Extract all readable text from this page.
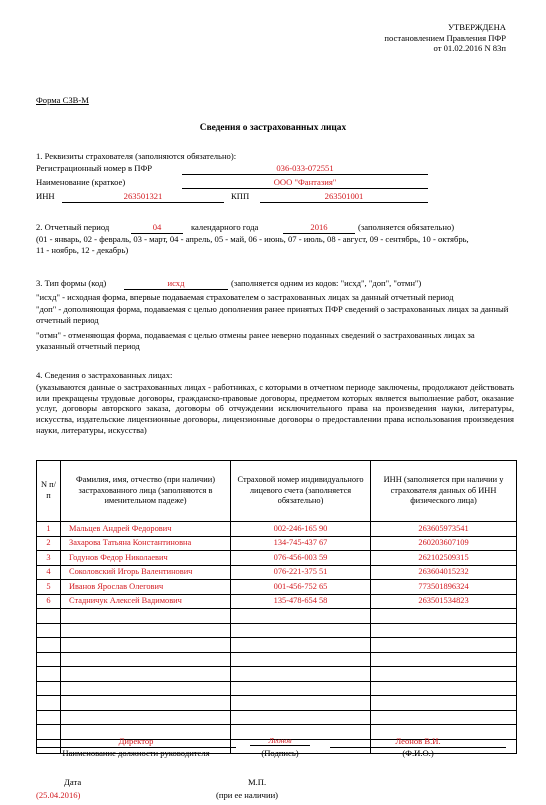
УТВЕРЖДЕНА
постановлением Правления ПФР
от 01.02.2016 N 83п
Форма СЗВ-М
Сведения о застрахованных лицах
1. Реквизиты страхователя (заполняются обязательно):
Регистрационный номер в ПФР	036-033-072551
Наименование (краткое)	ООО "Фантазия"
ИНН	263501321	КПП	263501001
2. Отчетный период	04	календарного года	2016	(заполняется обязательно)
(01 - январь, 02 - февраль, 03 - март, 04 - апрель, 05 - май, 06 - июнь, 07 - июль, 08 - август, 09 - сентябрь, 10 - октябрь,
11 - ноябрь, 12 - декабрь)
3. Тип формы (код)	исхд	(заполняется одним из кодов: "исхд", "доп", "отмн")
"исхд" - исходная форма, впервые подаваемая страхователем о застрахованных лицах за данный отчетный период
"доп" - дополняющая форма, подаваемая с целью дополнения ранее принятых ПФР сведений о застрахованных лицах за данный отчетный период
"отмн" - отменяющая форма, подаваемая с целью отмены ранее неверно поданных сведений о застрахованных лицах за указанный отчетный период
4. Сведения о застрахованных лицах:
(указываются данные о застрахованных лицах - работниках, с которыми в отчетном периоде заключены, продолжают действовать или прекращены трудовые договоры, гражданско-правовые договоры, предметом которых является выполнение работ, оказание услуг, договоры авторского заказа, договоры об отчуждении исключительного права на произведения науки, литературы, искусства, издательские лицензионные договоры, лицензионные договоры о предоставлении права использования произведения науки, литературы, искусства)
N п/п	Фамилия, имя, отчество (при наличии) застрахованного лица (заполняются в именительном падеже)	Страховой номер индивидуального лицевого счета (заполняется обязательно)	ИНН (заполняется при наличии у страхователя данных об ИНН физического лица)
1	Мальцев Андрей Федорович	002-246-165 90	263605973541
2	Захарова Татьяна Константиновна	134-745-437 67	260203607109
3	Годунов Федор Николаевич	076-456-003 59	262102509315
4	Соколовский Игорь Валентинович	076-221-375 51	263604015232
5	Иванов Ярослав Олегович	001-456-752 65	773501896324
6	Стадничук Алексей Вадимович	135-478-654 58	263501534823

Директор
Наименование должности руководителя
Леонов
(Подпись)
Леонов В.И.
(Ф.И.О.)
Дата
(25.04.2016)
М.П.
(при ее наличии)
